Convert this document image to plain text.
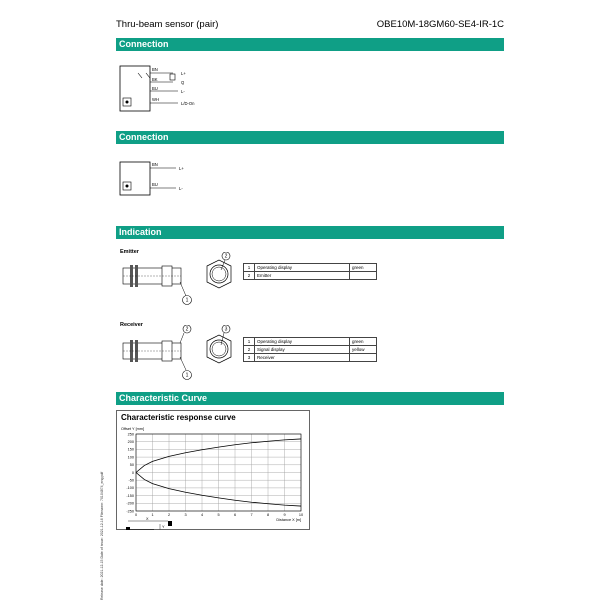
Thru-beam sensor (pair)	OBE10M-18GM60-SE4-IR-1C
Connection
Connection
Indication
Characteristic Curve
BN
BK
BU
WH
L+
Q
L-
L/D-On
BN
BU
L+
L-
Emitter
1
2
1	Operating display	green
2	Emitter	
Receiver
2
1
3
1	Operating display	green
2	Signal display	yellow
3	Receiver	
Characteristic response curve
0	1	2	3	4	5	6	7	8	9	10
250
200
150
100
50
0
-50
-100
-150
-200
-250
Offset Y [mm]
Distance X [m]
X
Y
Release date: 2021-12-15 Date of issue: 2021-12-16 Filename: 70104874_eng.pdf
